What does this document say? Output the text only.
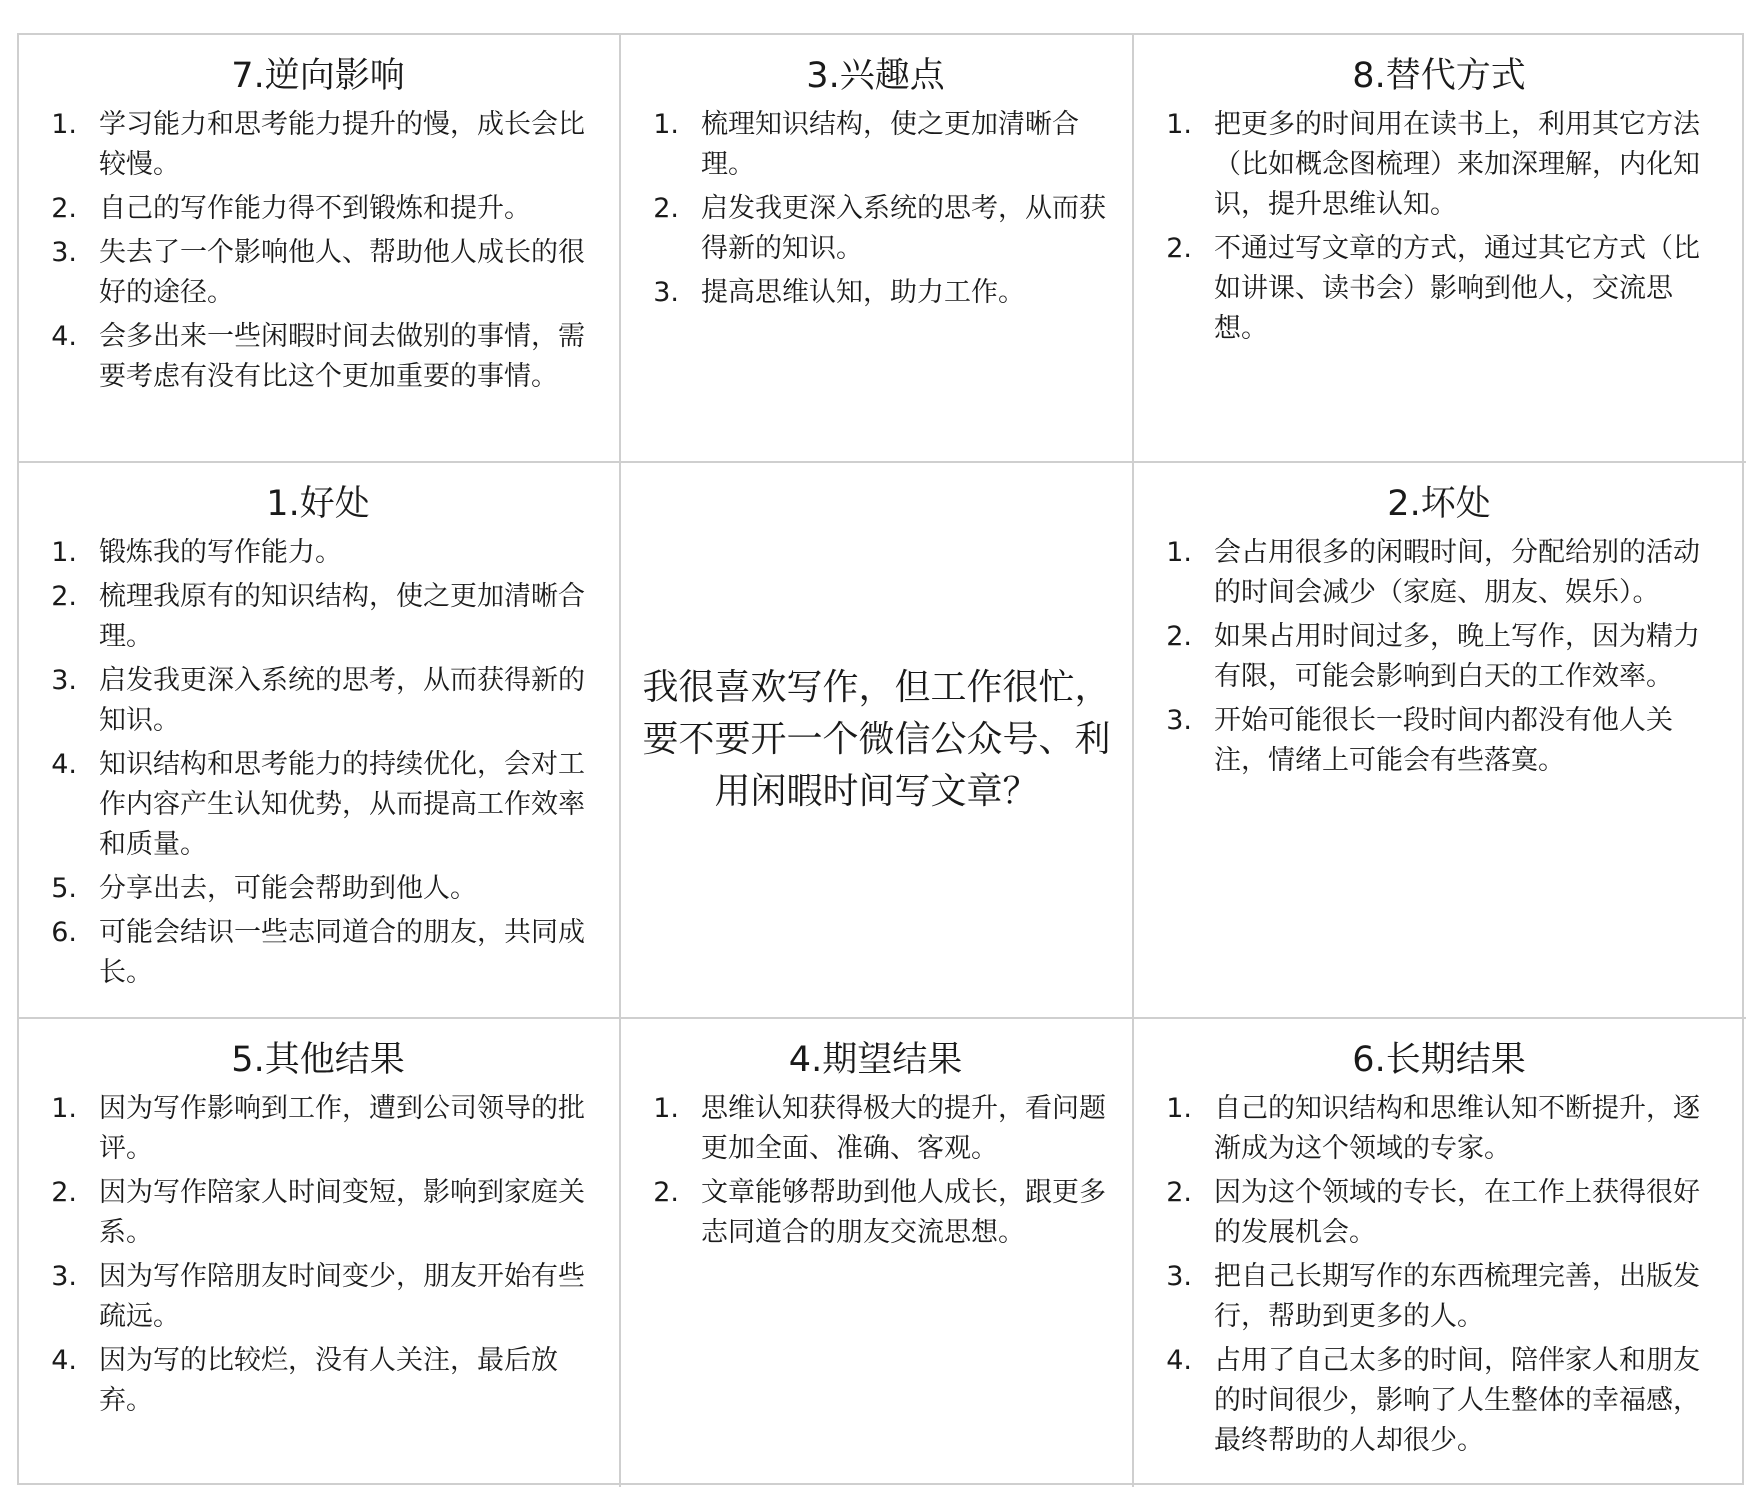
7.逆向影响
1. 学习能力和思考能力提升的慢，成长会比较慢。
2. 自己的写作能力得不到锻炼和提升。
3. 失去了一个影响他人、帮助他人成长的很好的途径。
4. 会多出来一些闲暇时间去做别的事情，需要考虑有没有比这个更加重要的事情。
3.兴趣点
1. 梳理知识结构，使之更加清晰合理。
2. 启发我更深入系统的思考，从而获得新的知识。
3. 提高思维认知，助力工作。
8.替代方式
1. 把更多的时间用在读书上，利用其它方法（比如概念图梳理）来加深理解，内化知识，提升思维认知。
2. 不通过写文章的方式，通过其它方式（比如讲课、读书会）影响到他人，交流思想。
1.好处
1. 锻炼我的写作能力。
2. 梳理我原有的知识结构，使之更加清晰合理。
3. 启发我更深入系统的思考，从而获得新的知识。
4. 知识结构和思考能力的持续优化，会对工作内容产生认知优势，从而提高工作效率和质量。
5. 分享出去，可能会帮助到他人。
6. 可能会结识一些志同道合的朋友，共同成长。

我很喜欢写作，但工作很忙，要不要开一个微信公众号、利用闲暇时间写文章？

2.坏处
1. 会占用很多的闲暇时间，分配给别的活动的时间会减少（家庭、朋友、娱乐）。
2. 如果占用时间过多，晚上写作，因为精力有限，可能会影响到白天的工作效率。
3. 开始可能很长一段时间内都没有他人关注，情绪上可能会有些落寞。
5.其他结果
1. 因为写作影响到工作，遭到公司领导的批评。
2. 因为写作陪家人时间变短，影响到家庭关系。
3. 因为写作陪朋友时间变少，朋友开始有些疏远。
4. 因为写的比较烂，没有人关注，最后放弃。
4.期望结果
1. 思维认知获得极大的提升，看问题更加全面、准确、客观。
2. 文章能够帮助到他人成长，跟更多志同道合的朋友交流思想。
6.长期结果
1. 自己的知识结构和思维认知不断提升，逐渐成为这个领域的专家。
2. 因为这个领域的专长，在工作上获得很好的发展机会。
3. 把自己长期写作的东西梳理完善，出版发行，帮助到更多的人。
4. 占用了自己太多的时间，陪伴家人和朋友的时间很少，影响了人生整体的幸福感，最终帮助的人却很少。
